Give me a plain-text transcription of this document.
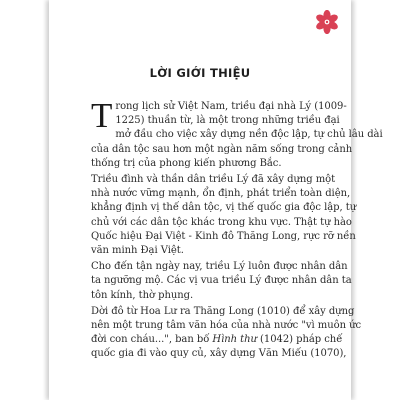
LỜI GIỚI THIỆU

T rong lịch sử Việt Nam, triều đại nhà Lý (1009-
1225) thuần từ, là một trong những triều đại
mở đầu cho việc xây dựng nền độc lập, tự chủ lâu dài
của dân tộc sau hơn một ngàn năm sống trong cảnh
thống trị của phong kiến phương Bắc.

Triều đình và thần dân triều Lý đã xây dựng một
nhà nước vững mạnh, ổn định, phát triển toàn diện,
khẳng định vị thế dân tộc, vị thế quốc gia độc lập, tự
chủ với các dân tộc khác trong khu vực. Thật tự hào
Quốc hiệu Đại Việt - Kinh đô Thăng Long, rực rỡ nền
văn minh Đại Việt.

Cho đến tận ngày nay, triều Lý luôn được nhân dân
ta ngưỡng mộ. Các vị vua triều Lý được nhân dân ta
tôn kính, thờ phụng.

Dời đô từ Hoa Lư ra Thăng Long (1010) để xây dựng
nên một trung tâm văn hóa của nhà nước "vì muôn ức
đời con cháu...", ban bố Hình thư (1042) pháp chế
quốc gia đi vào quy củ, xây dựng Văn Miếu (1070),
